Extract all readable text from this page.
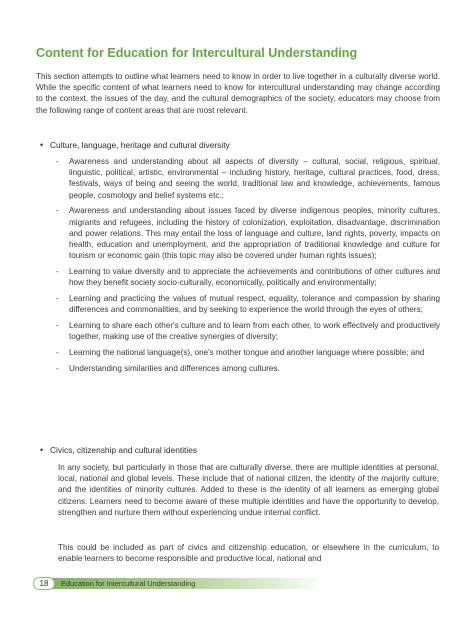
Content for Education for Intercultural Understanding

This section attempts to outline what learners need to know in order to live together in a culturally diverse world. While the specific content of what learners need to know for intercultural understanding may change according to the context, the issues of the day, and the cultural demographics of the society, educators may choose from the following range of content areas that are most relevant.

• Culture, language, heritage and cultural diversity
- Awareness and understanding about all aspects of diversity – cultural, social, religious, spiritual, linguistic, political, artistic, environmental – including history, heritage, cultural practices, food, dress, festivals, ways of being and seeing the world, traditional law and knowledge, achievements, famous people, cosmology and belief systems etc.;

- Awareness and understanding about issues faced by diverse indigenous peoples, minority cultures, migrants and refugees, including the history of colonization, exploitation, disadvantage, discrimination and power relations. This may entail the loss of language and culture, land rights, poverty, impacts on health, education and unemployment, and the appropriation of traditional knowledge and culture for tourism or economic gain (this topic may also be covered under human rights issues);

- Learning to value diversity and to appreciate the achievements and contributions of other cultures and how they benefit society socio-culturally, economically, politically and environmentally;

- Learning and practicing the values of mutual respect, equality, tolerance and compassion by sharing differences and commonalities, and by seeking to experience the world through the eyes of others;

- Learning to share each other's culture and to learn from each other, to work effectively and productively together, making use of the creative synergies of diversity;

- Learning the national language(s), one's mother tongue and another language where possible; and

- Understanding similarities and differences among cultures.

• Civics, citizenship and cultural identities

In any society, but particularly in those that are culturally diverse, there are multiple identities at personal, local, national and global levels. These include that of national citizen, the identity of the majority culture, and the identities of minority cultures. Added to these is the identity of all learners as emerging global citizens. Learners need to become aware of these multiple identities and have the opportunity to develop, strengthen and nurture them without experiencing undue internal conflict.

This could be included as part of civics and citizenship education, or elsewhere in the curriculum, to enable learners to become responsible and productive local, national and

18	Education for Intercultural Understanding
